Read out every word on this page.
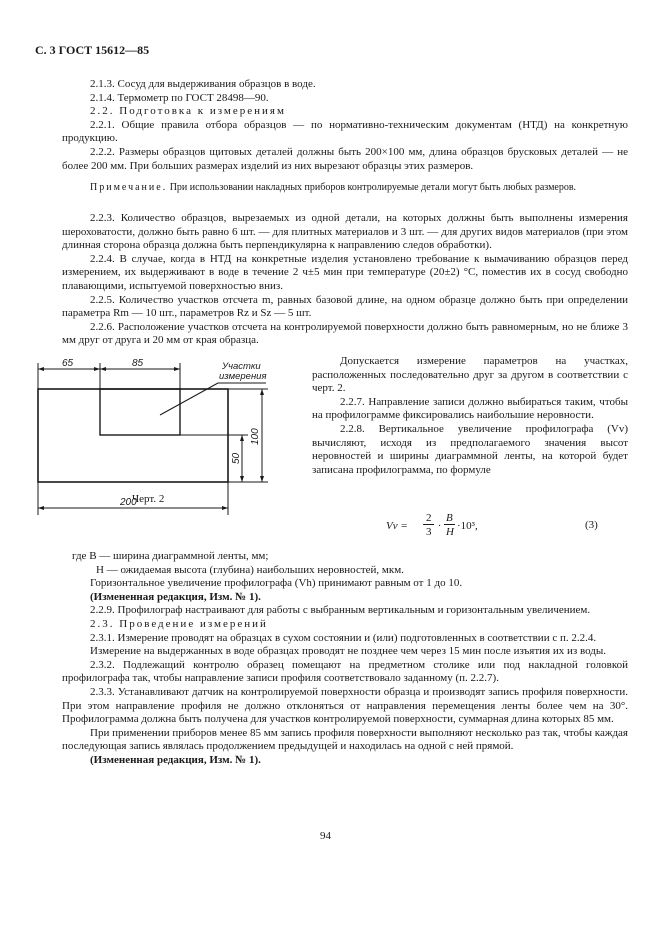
С. 3 ГОСТ 15612—85

2.1.3. Сосуд для выдерживания образцов в воде.

2.1.4. Термометр по ГОСТ 28498—90.

2.2. Подготовка к измерениям

2.2.1. Общие правила отбора образцов — по нормативно-техническим документам (НТД) на конкретную продукцию.

2.2.2. Размеры образцов щитовых деталей должны быть 200×100 мм, длина образцов брусковых деталей — не более 200 мм. При больших размерах изделий из них вырезают образцы этих размеров.

Примечание. При использовании накладных приборов контролируемые детали могут быть любых размеров.

2.2.3. Количество образцов, вырезаемых из одной детали, на которых должны быть выполнены измерения шероховатости, должно быть равно 6 шт. — для плитных материалов и 3 шт. — для других видов материалов (при этом длинная сторона образца должна быть перпендикулярна к направлению следов обработки).

2.2.4. В случае, когда в НТД на конкретные изделия установлено требование к вымачиванию образцов перед измерением, их выдерживают в воде в течение 2 ч±5 мин при температуре (20±2) °С, поместив их в сосуд свободно плавающими, испытуемой поверхностью вниз.

2.2.5. Количество участков отсчета m, равных базовой длине, на одном образце должно быть при определении параметра Rm — 10 шт., параметров Rz и Sz — 5 шт.

2.2.6. Расположение участков отсчета на контролируемой поверхности должно быть равномерным, но не ближе 3 мм друг от друга и 20 мм от края образца.

65	85
200
100
50
Участки
измерения
Черт. 2

Допускается измерение параметров на участках, расположенных последовательно друг за другом в соответствии с черт. 2.

2.2.7. Направление записи должно выбираться таким, чтобы на профилограмме фиксировались наибольшие неровности.

2.2.8. Вертикальное увеличение профилографа (Vv) вычисляют, исходя из предполагаемого значения высот неровностей и ширины диаграммной ленты, на которой будет записана профилограмма, по формуле

Vv =
2
3 ·
B
H ·10³,	(3)

где B — ширина диаграммной ленты, мм;

H — ожидаемая высота (глубина) наибольших неровностей, мкм.

Горизонтальное увеличение профилографа (Vh) принимают равным от 1 до 10.

(Измененная редакция, Изм. № 1).

2.2.9. Профилограф настраивают для работы с выбранным вертикальным и горизонтальным увеличением.

2.3. Проведение измерений

2.3.1. Измерение проводят на образцах в сухом состоянии и (или) подготовленных в соответствии с п. 2.2.4.

Измерение на выдержанных в воде образцах проводят не позднее чем через 15 мин после изъятия их из воды.

2.3.2. Подлежащий контролю образец помещают на предметном столике или под накладной головкой профилографа так, чтобы направление записи профиля соответствовало заданному (п. 2.2.7).

2.3.3. Устанавливают датчик на контролируемой поверхности образца и производят запись профиля поверхности. При этом направление профиля не должно отклоняться от направления перемещения ленты более чем на 30°. Профилограмма должна быть получена для участков контролируемой поверхности, суммарная длина которых 85 мм.

При применении приборов менее 85 мм запись профиля поверхности выполняют несколько раз так, чтобы каждая последующая запись являлась продолжением предыдущей и находилась на одной с ней прямой.

(Измененная редакция, Изм. № 1).

94
